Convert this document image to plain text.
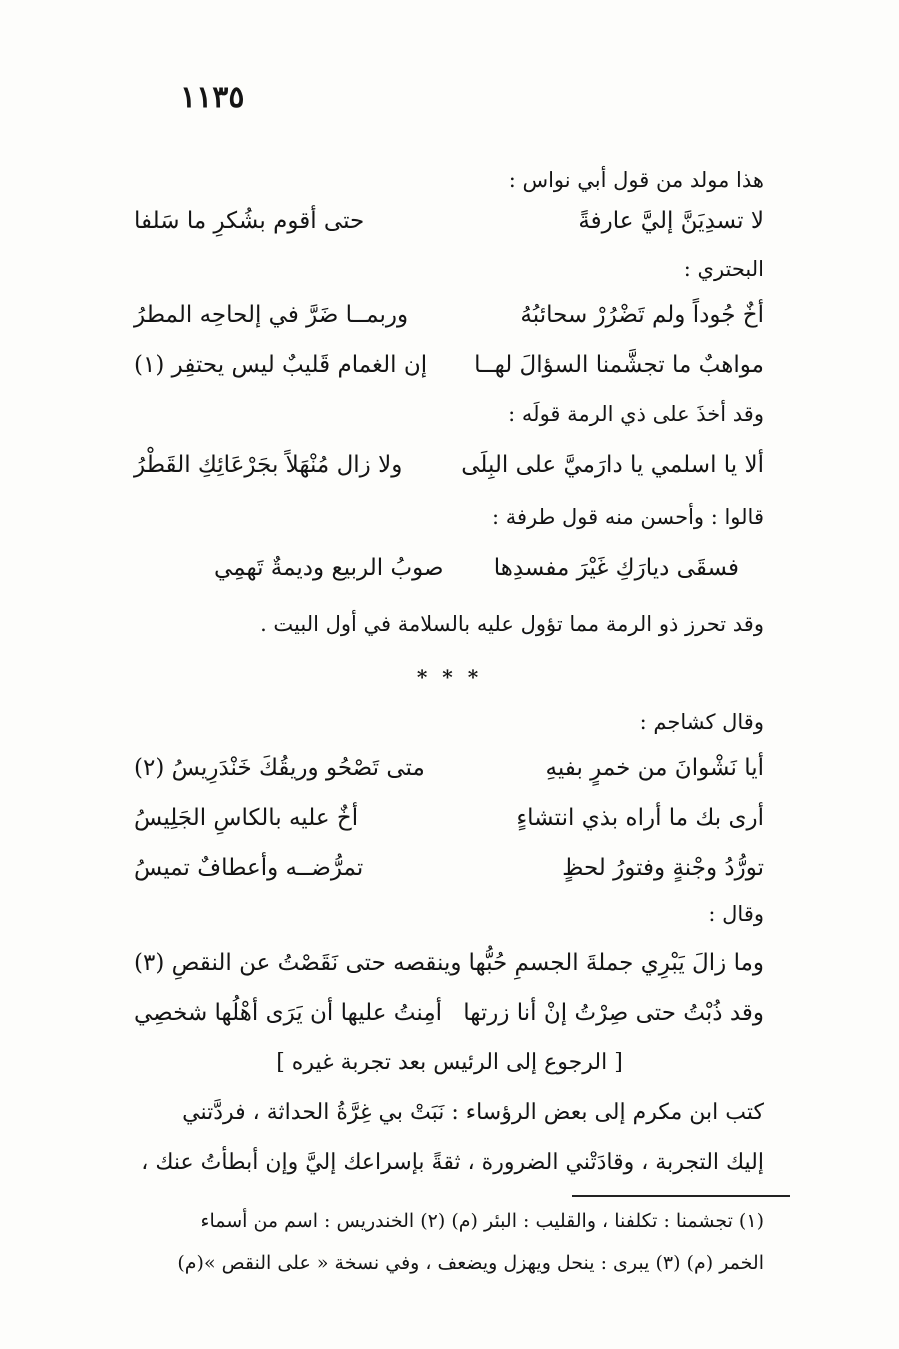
١١٣٥
هذا مولد من قول أبي نواس :
لا تسدِيَنَّ إليَّ عارفةً
حتى أقوم بشُكرِ ما سَلفا
البحتري :
أخٌ جُوداً ولم تَضْرُرْ سحائبُهُ
وربمــا ضَرَّ في إلحاحِه المطرُ
مواهبٌ ما تجشَّمنا السؤالَ لهــا
إن الغمام قَليبٌ ليس يحتفِر (١)
وقد أخذَ على ذي الرمة قولَه :
ألا يا اسلمي يا دارَميَّ على البِلَى
ولا زال مُنْهَلاً بجَرْعَائِكِ القَطْرُ
قالوا : وأحسن منه قول طرفة :
فسقَى ديارَكِ غَيْرَ مفسدِها
صوبُ الربيع وديمةٌ تَهمِي
وقد تحرز ذو الرمة مما تؤول عليه بالسلامة في أول البيت .
* * *
وقال كشاجم :
أيا نَشْوانَ من خمرٍ بفيهِ
متى تَصْحُو وريقُكَ خَنْدَرِيسُ (٢)
أرى بك ما أراه بذي انتشاءٍ
أخٌ عليه بالكاسِ الجَلِيسُ
تورُّدُ وجْنةٍ وفتورُ لحظٍ
تمرُّضــه وأعطافٌ تميسُ
وقال :
وما زالَ يَبْرِي جملةَ الجسمِ حُبُّها
وينقصه حتى نَقَصْتُ عن النقصِ (٣)
وقد ذُبْتُ حتى صِرْتُ إنْ أنا زرتها
أمِنتُ عليها أن يَرَى أهْلُها شخصِي
[ الرجوع إلى الرئيس بعد تجربة غيره ]
كتب ابن مكرم إلى بعض الرؤساء : نَبَتْ بي غِرَّةُ الحداثة ، فردَّتني
إليك التجربة ، وقادَتْني الضرورة ، ثقةً بإسراعك إليَّ وإن أبطأتُ عنك ،
(١) تجشمنا : تكلفنا ، والقليب : البئر (م) (٢) الخندريس : اسم من أسماء
الخمر (م) (٣) يبرى : ينحل ويهزل ويضعف ، وفي نسخة « على النقص »(م)
